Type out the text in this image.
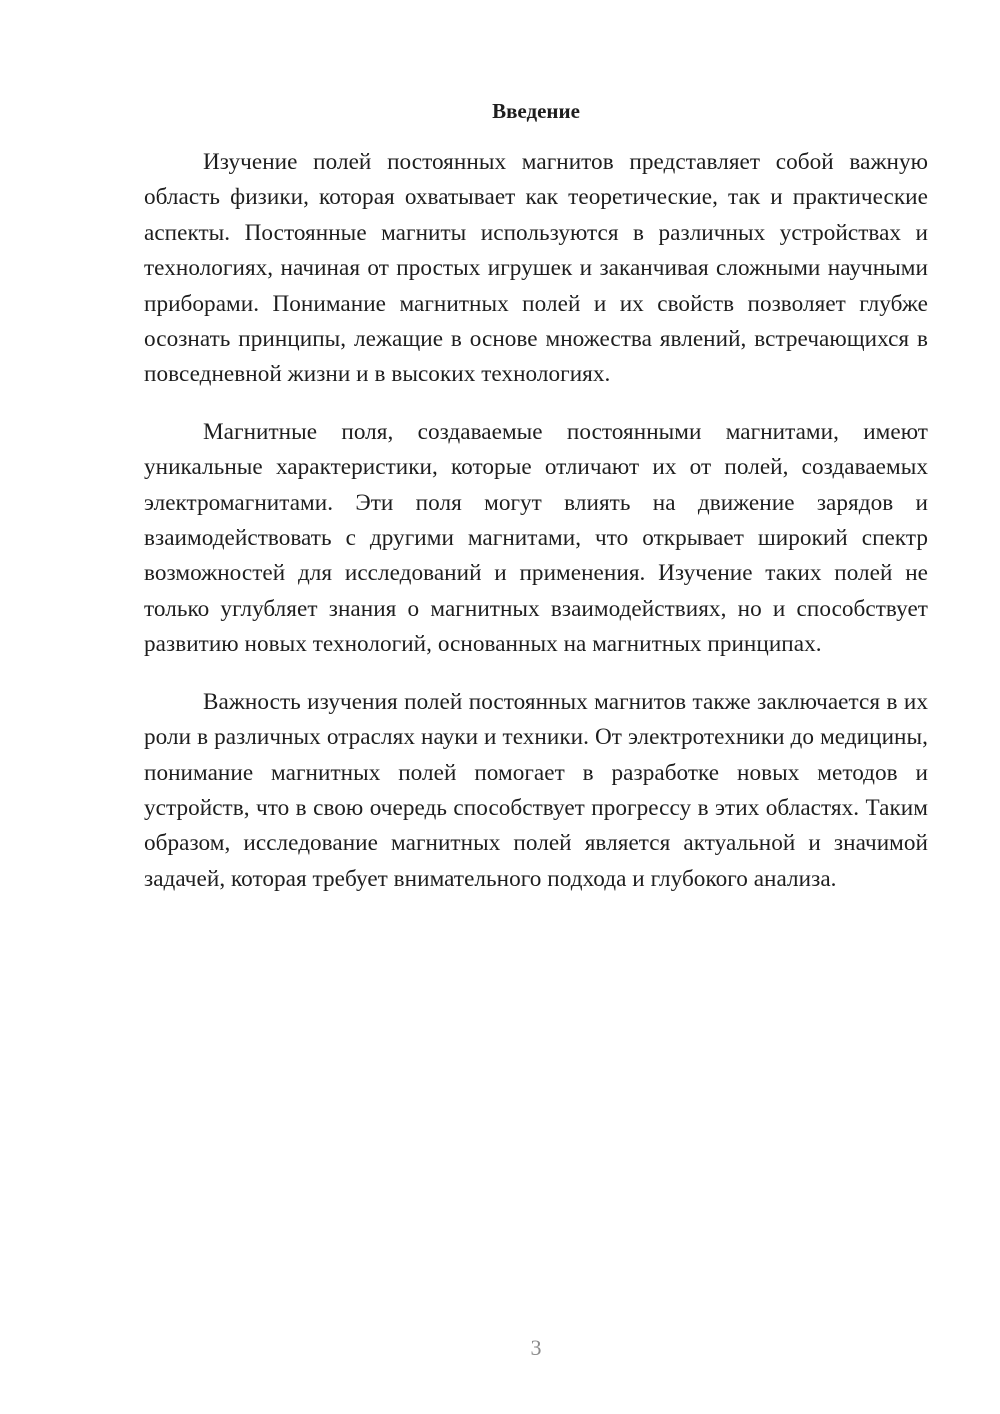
Введение

Изучение полей постоянных магнитов представляет собой важную область физики, которая охватывает как теоретические, так и практические аспекты. Постоянные магниты используются в различных устройствах и технологиях, начиная от простых игрушек и заканчивая сложными научными приборами. Понимание магнитных полей и их свойств позволяет глубже осознать принципы, лежащие в основе множества явлений, встречающихся в повседневной жизни и в высоких технологиях.

Магнитные поля, создаваемые постоянными магнитами, имеют уникальные характеристики, которые отличают их от полей, создаваемых электромагнитами. Эти поля могут влиять на движение зарядов и взаимодействовать с другими магнитами, что открывает широкий спектр возможностей для исследований и применения. Изучение таких полей не только углубляет знания о магнитных взаимодействиях, но и способствует развитию новых технологий, основанных на магнитных принципах.

Важность изучения полей постоянных магнитов также заключается в их роли в различных отраслях науки и техники. От электротехники до медицины, понимание магнитных полей помогает в разработке новых методов и устройств, что в свою очередь способствует прогрессу в этих областях. Таким образом, исследование магнитных полей является актуальной и значимой задачей, которая требует внимательного подхода и глубокого анализа.

3
